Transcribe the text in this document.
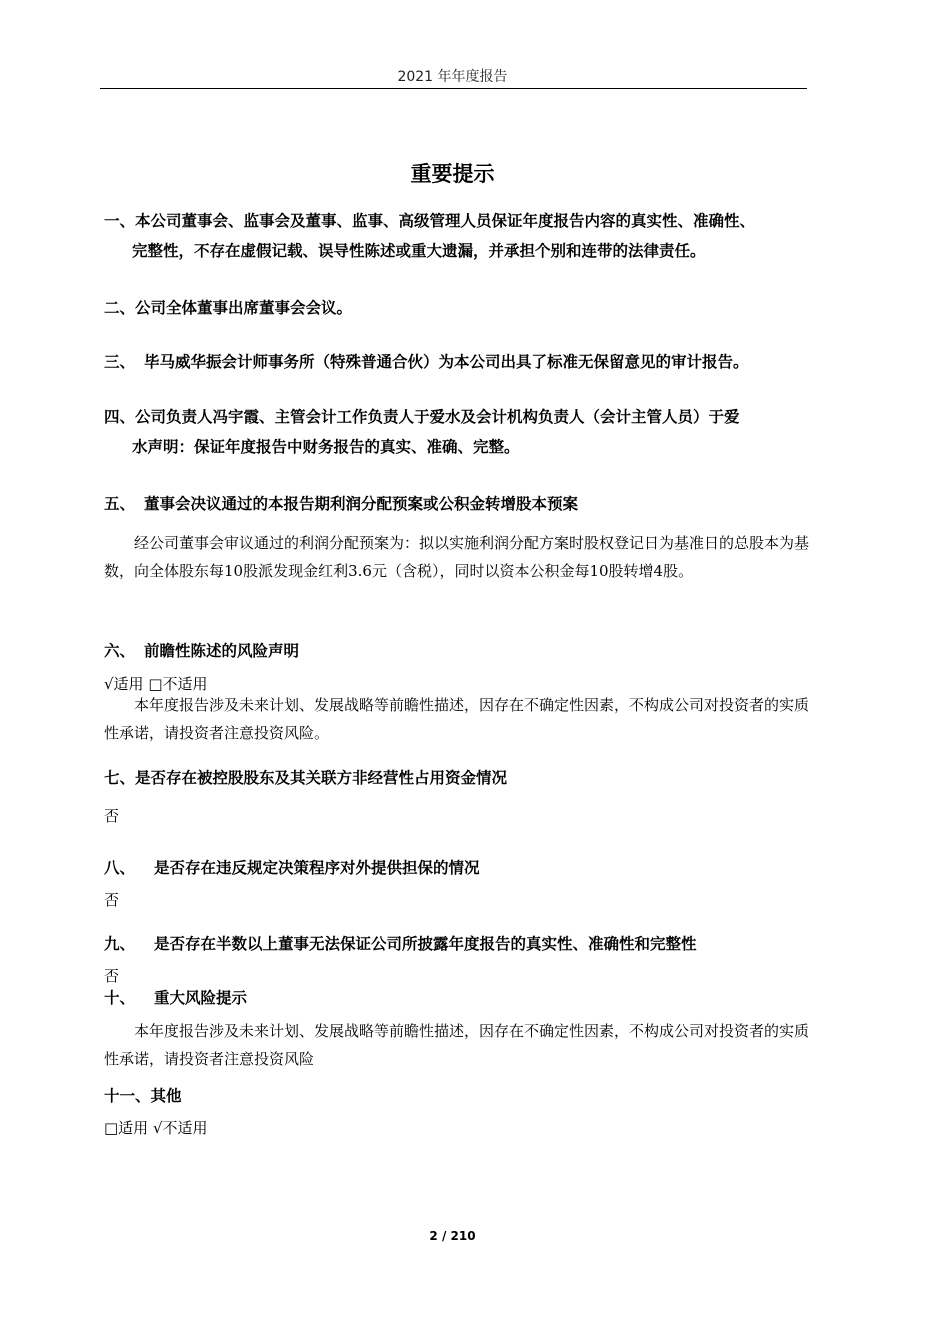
2021 年年度报告
重要提示
一、本公司董事会、监事会及董事、监事、高级管理人员保证年度报告内容的真实性、准确性、
完整性，不存在虚假记载、误导性陈述或重大遗漏，并承担个别和连带的法律责任。
二、公司全体董事出席董事会会议。
三、 毕马威华振会计师事务所（特殊普通合伙）为本公司出具了标准无保留意见的审计报告。
四、公司负责人冯宇霞、主管会计工作负责人于爱水及会计机构负责人（会计主管人员）于爱
水声明：保证年度报告中财务报告的真实、准确、完整。
五、 董事会决议通过的本报告期利润分配预案或公积金转增股本预案
经公司董事会审议通过的利润分配预案为：拟以实施利润分配方案时股权登记日为基准日的总股本为基数，向全体股东每10股派发现金红利3.6元（含税），同时以资本公积金每10股转增4股。
六、 前瞻性陈述的风险声明
√适用 □不适用
本年度报告涉及未来计划、发展战略等前瞻性描述，因存在不确定性因素，不构成公司对投资者的实质性承诺，请投资者注意投资风险。
七、是否存在被控股股东及其关联方非经营性占用资金情况
否
八、 是否存在违反规定决策程序对外提供担保的情况
否
九、 是否存在半数以上董事无法保证公司所披露年度报告的真实性、准确性和完整性
否
十、 重大风险提示
本年度报告涉及未来计划、发展战略等前瞻性描述，因存在不确定性因素，不构成公司对投资者的实质性承诺，请投资者注意投资风险
十一、其他
□适用 √不适用
2 / 210
